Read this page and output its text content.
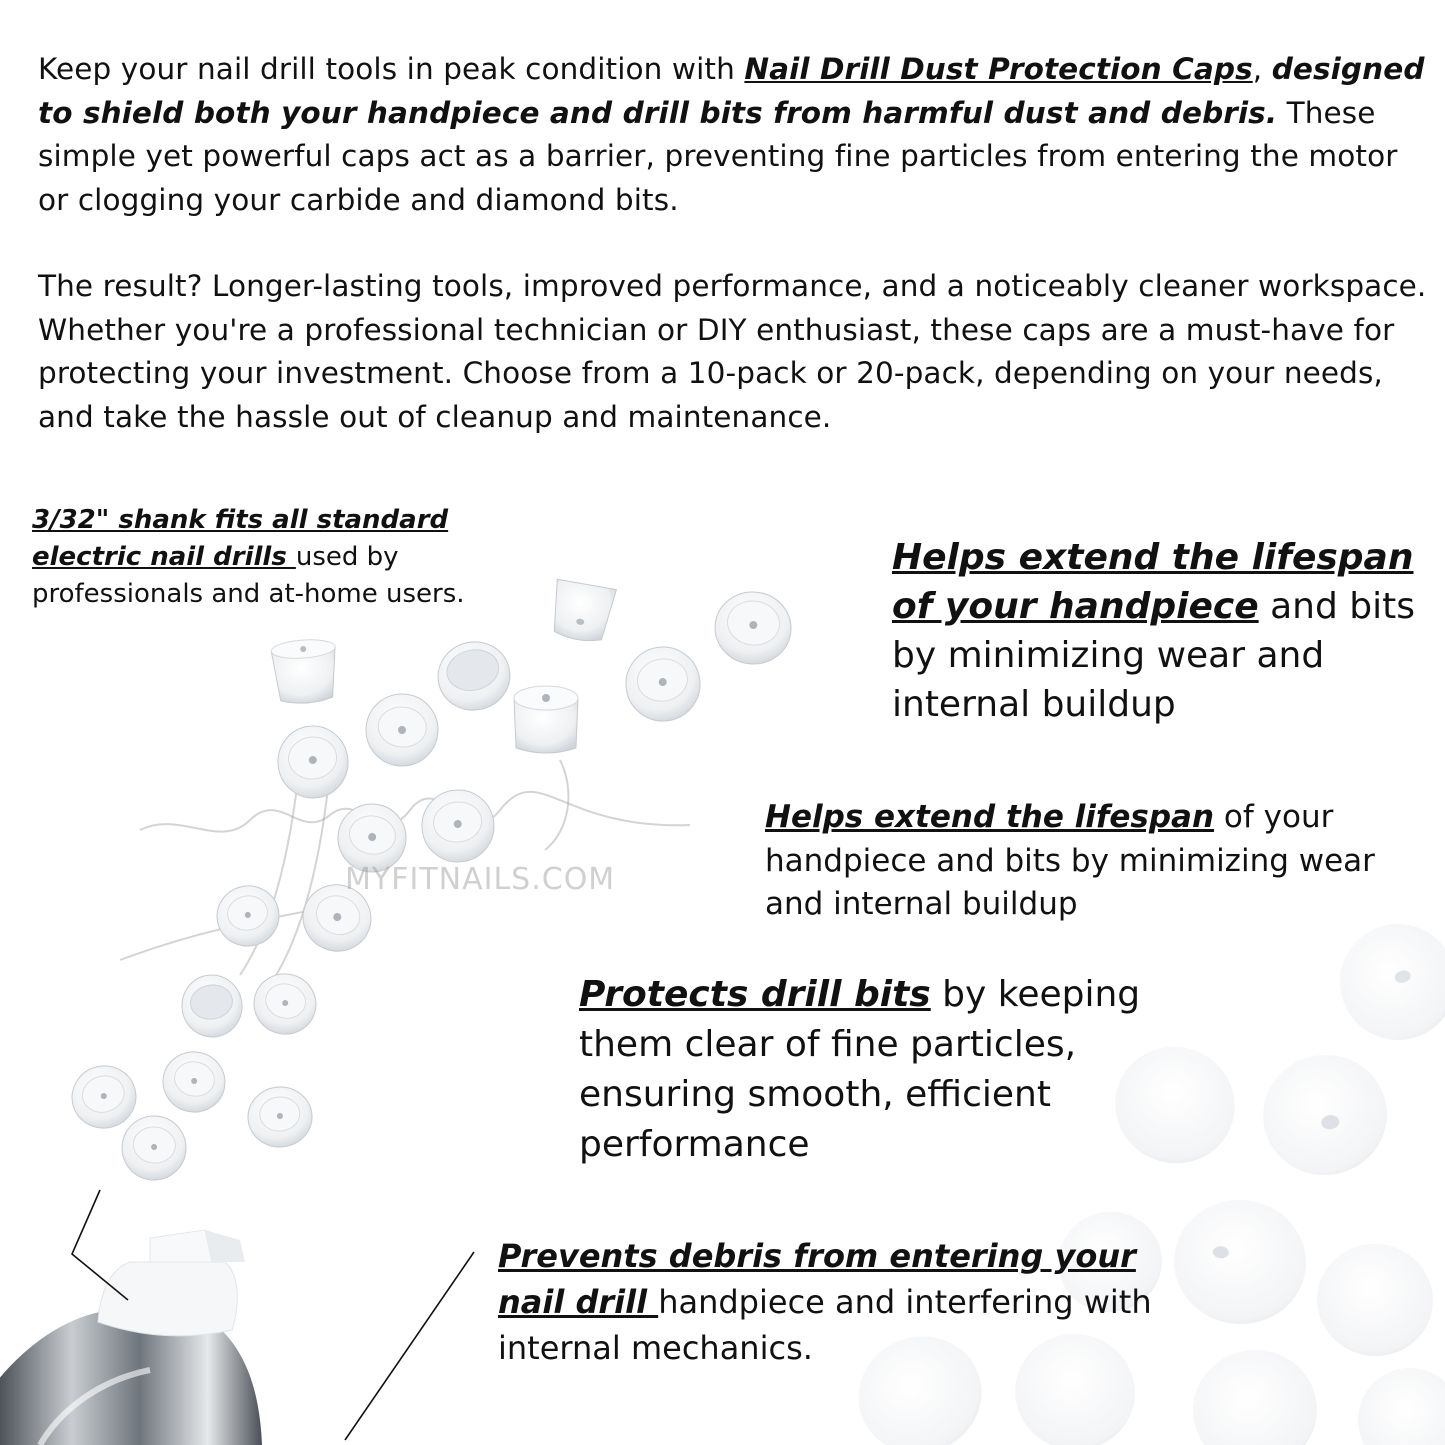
MYFITNAILS.COM

Keep your nail drill tools in peak condition with Nail Drill Dust Protection Caps, designed to shield both your handpiece and drill bits from harmful dust and debris. These simple yet powerful caps act as a barrier, preventing fine particles from entering the motor or clogging your carbide and diamond bits.

The result? Longer-lasting tools, improved performance, and a noticeably cleaner workspace. Whether you're a professional technician or DIY enthusiast, these caps are a must-have for protecting your investment. Choose from a 10-pack or 20-pack, depending on your needs, and take the hassle out of cleanup and maintenance.

3/32" shank fits all standard electric nail drills used by professionals and at-home users.
Helps extend the lifespan of your handpiece and bits by minimizing wear and internal buildup
Helps extend the lifespan of your handpiece and bits by minimizing wear and internal buildup
Protects drill bits by keeping them clear of fine particles, ensuring smooth, efficient performance
Prevents debris from entering your nail drill handpiece and interfering with internal mechanics.
